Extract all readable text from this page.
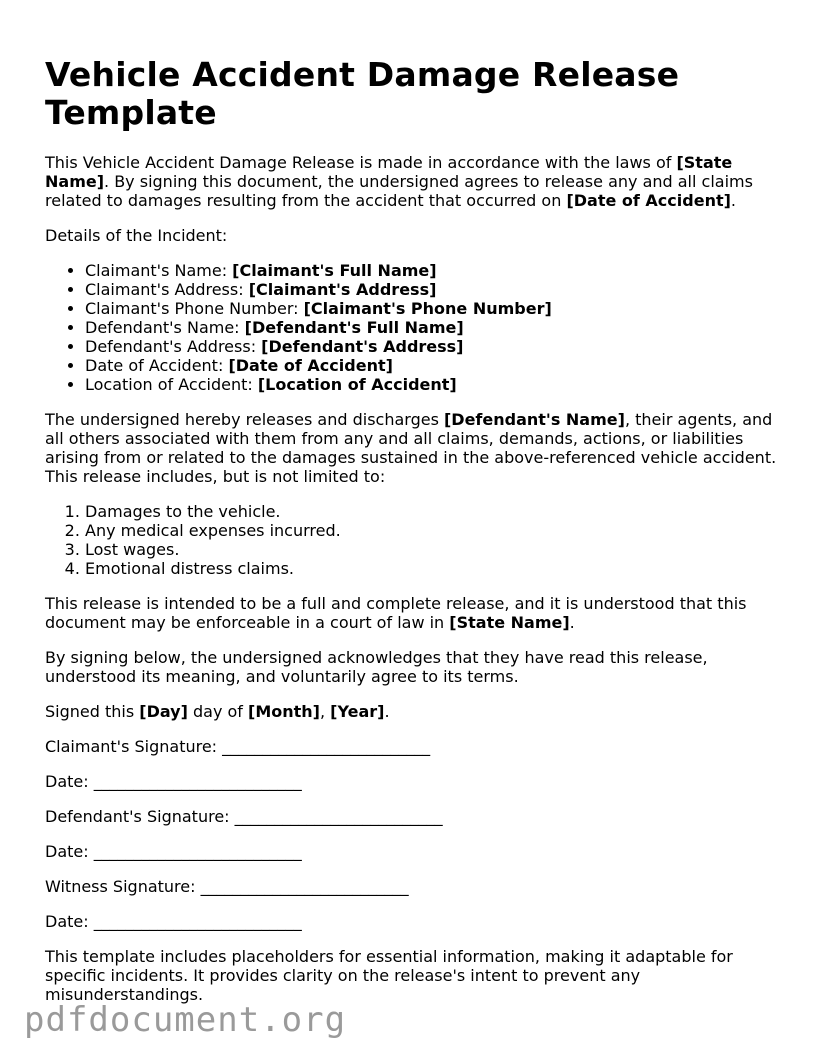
Vehicle Accident Damage Release Template

This Vehicle Accident Damage Release is made in accordance with the laws of [State Name]. By signing this document, the undersigned agrees to release any and all claims related to damages resulting from the accident that occurred on [Date of Accident].

Details of the Incident:

• Claimant's Name: [Claimant's Full Name]
• Claimant's Address: [Claimant's Address]
• Claimant's Phone Number: [Claimant's Phone Number]
• Defendant's Name: [Defendant's Full Name]
• Defendant's Address: [Defendant's Address]
• Date of Accident: [Date of Accident]
• Location of Accident: [Location of Accident]

The undersigned hereby releases and discharges [Defendant's Name], their agents, and all others associated with them from any and all claims, demands, actions, or liabilities arising from or related to the damages sustained in the above-referenced vehicle accident. This release includes, but is not limited to:

1. Damages to the vehicle.
2. Any medical expenses incurred.
3. Lost wages.
4. Emotional distress claims.

This release is intended to be a full and complete release, and it is understood that this document may be enforceable in a court of law in [State Name].

By signing below, the undersigned acknowledges that they have read this release, understood its meaning, and voluntarily agree to its terms.

Signed this [Day] day of [Month], [Year].

Claimant's Signature: __________________________

Date: __________________________

Defendant's Signature: __________________________

Date: __________________________

Witness Signature: __________________________

Date: __________________________

This template includes placeholders for essential information, making it adaptable for specific incidents. It provides clarity on the release's intent to prevent any misunderstandings.

pdfdocument.org
